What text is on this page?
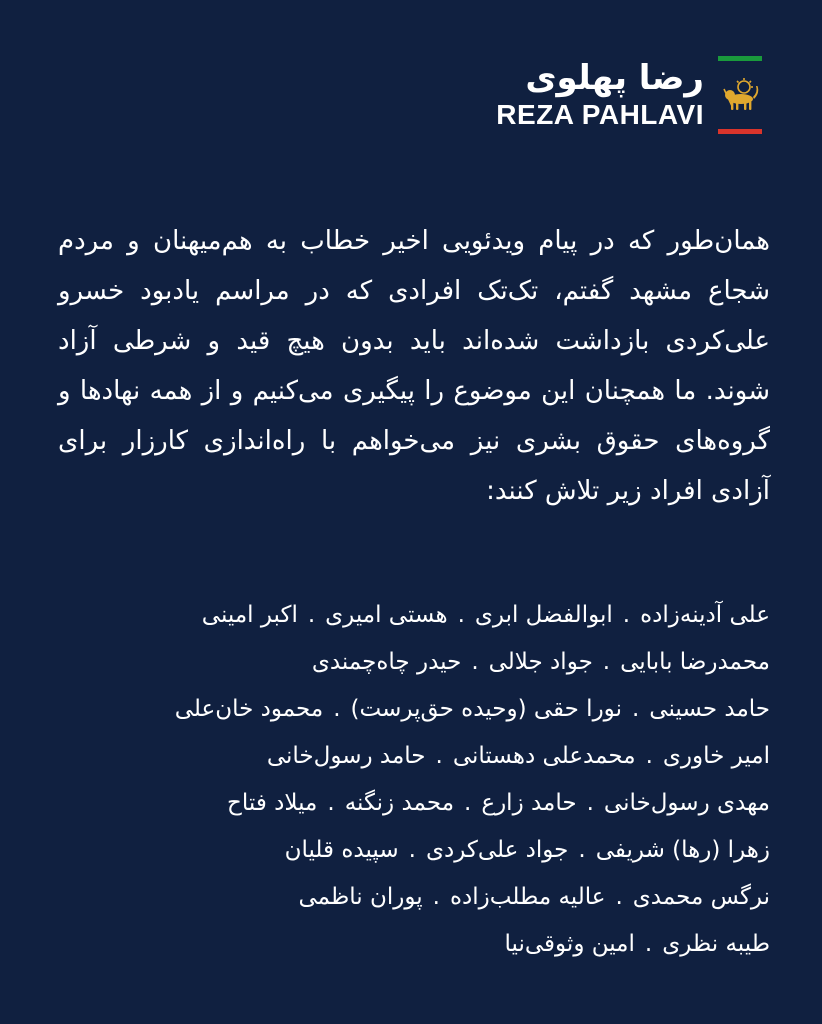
رضا پهلوی

REZA PAHLAVI

همان‌طور که در پیام ویدئویی اخیر خطاب به هم‌میهنان و مردم شجاع مشهد گفتم، تک‌تک افرادی که در مراسم یادبود خسرو علی‌کردی بازداشت شده‌اند باید بدون هیچ قید و شرطی آزاد شوند. ما همچنان این موضوع را پیگیری می‌کنیم و از همه نهادها و گروه‌های حقوق بشری نیز می‌خواهم با راه‌اندازی کارزار برای آزادی افراد زیر تلاش کنند:

علی آدینه‌زاده.ابوالفضل ابری.هستی امیری.اکبر امینی
محمدرضا بابایی.جواد جلالی.حیدر چاه‌چمندی
حامد حسینی.نورا حقی (وحیده حق‌پرست).محمود خان‌علی
امیر خاوری.محمدعلی دهستانی.حامد رسول‌خانی
مهدی رسول‌خانی.حامد زارع.محمد زنگنه.میلاد فتاح
زهرا (رها) شریفی.جواد علی‌کردی.سپیده قلیان
نرگس محمدی.عالیه مطلب‌زاده.پوران ناظمی
طیبه نظری.امین وثوقی‌نیا
